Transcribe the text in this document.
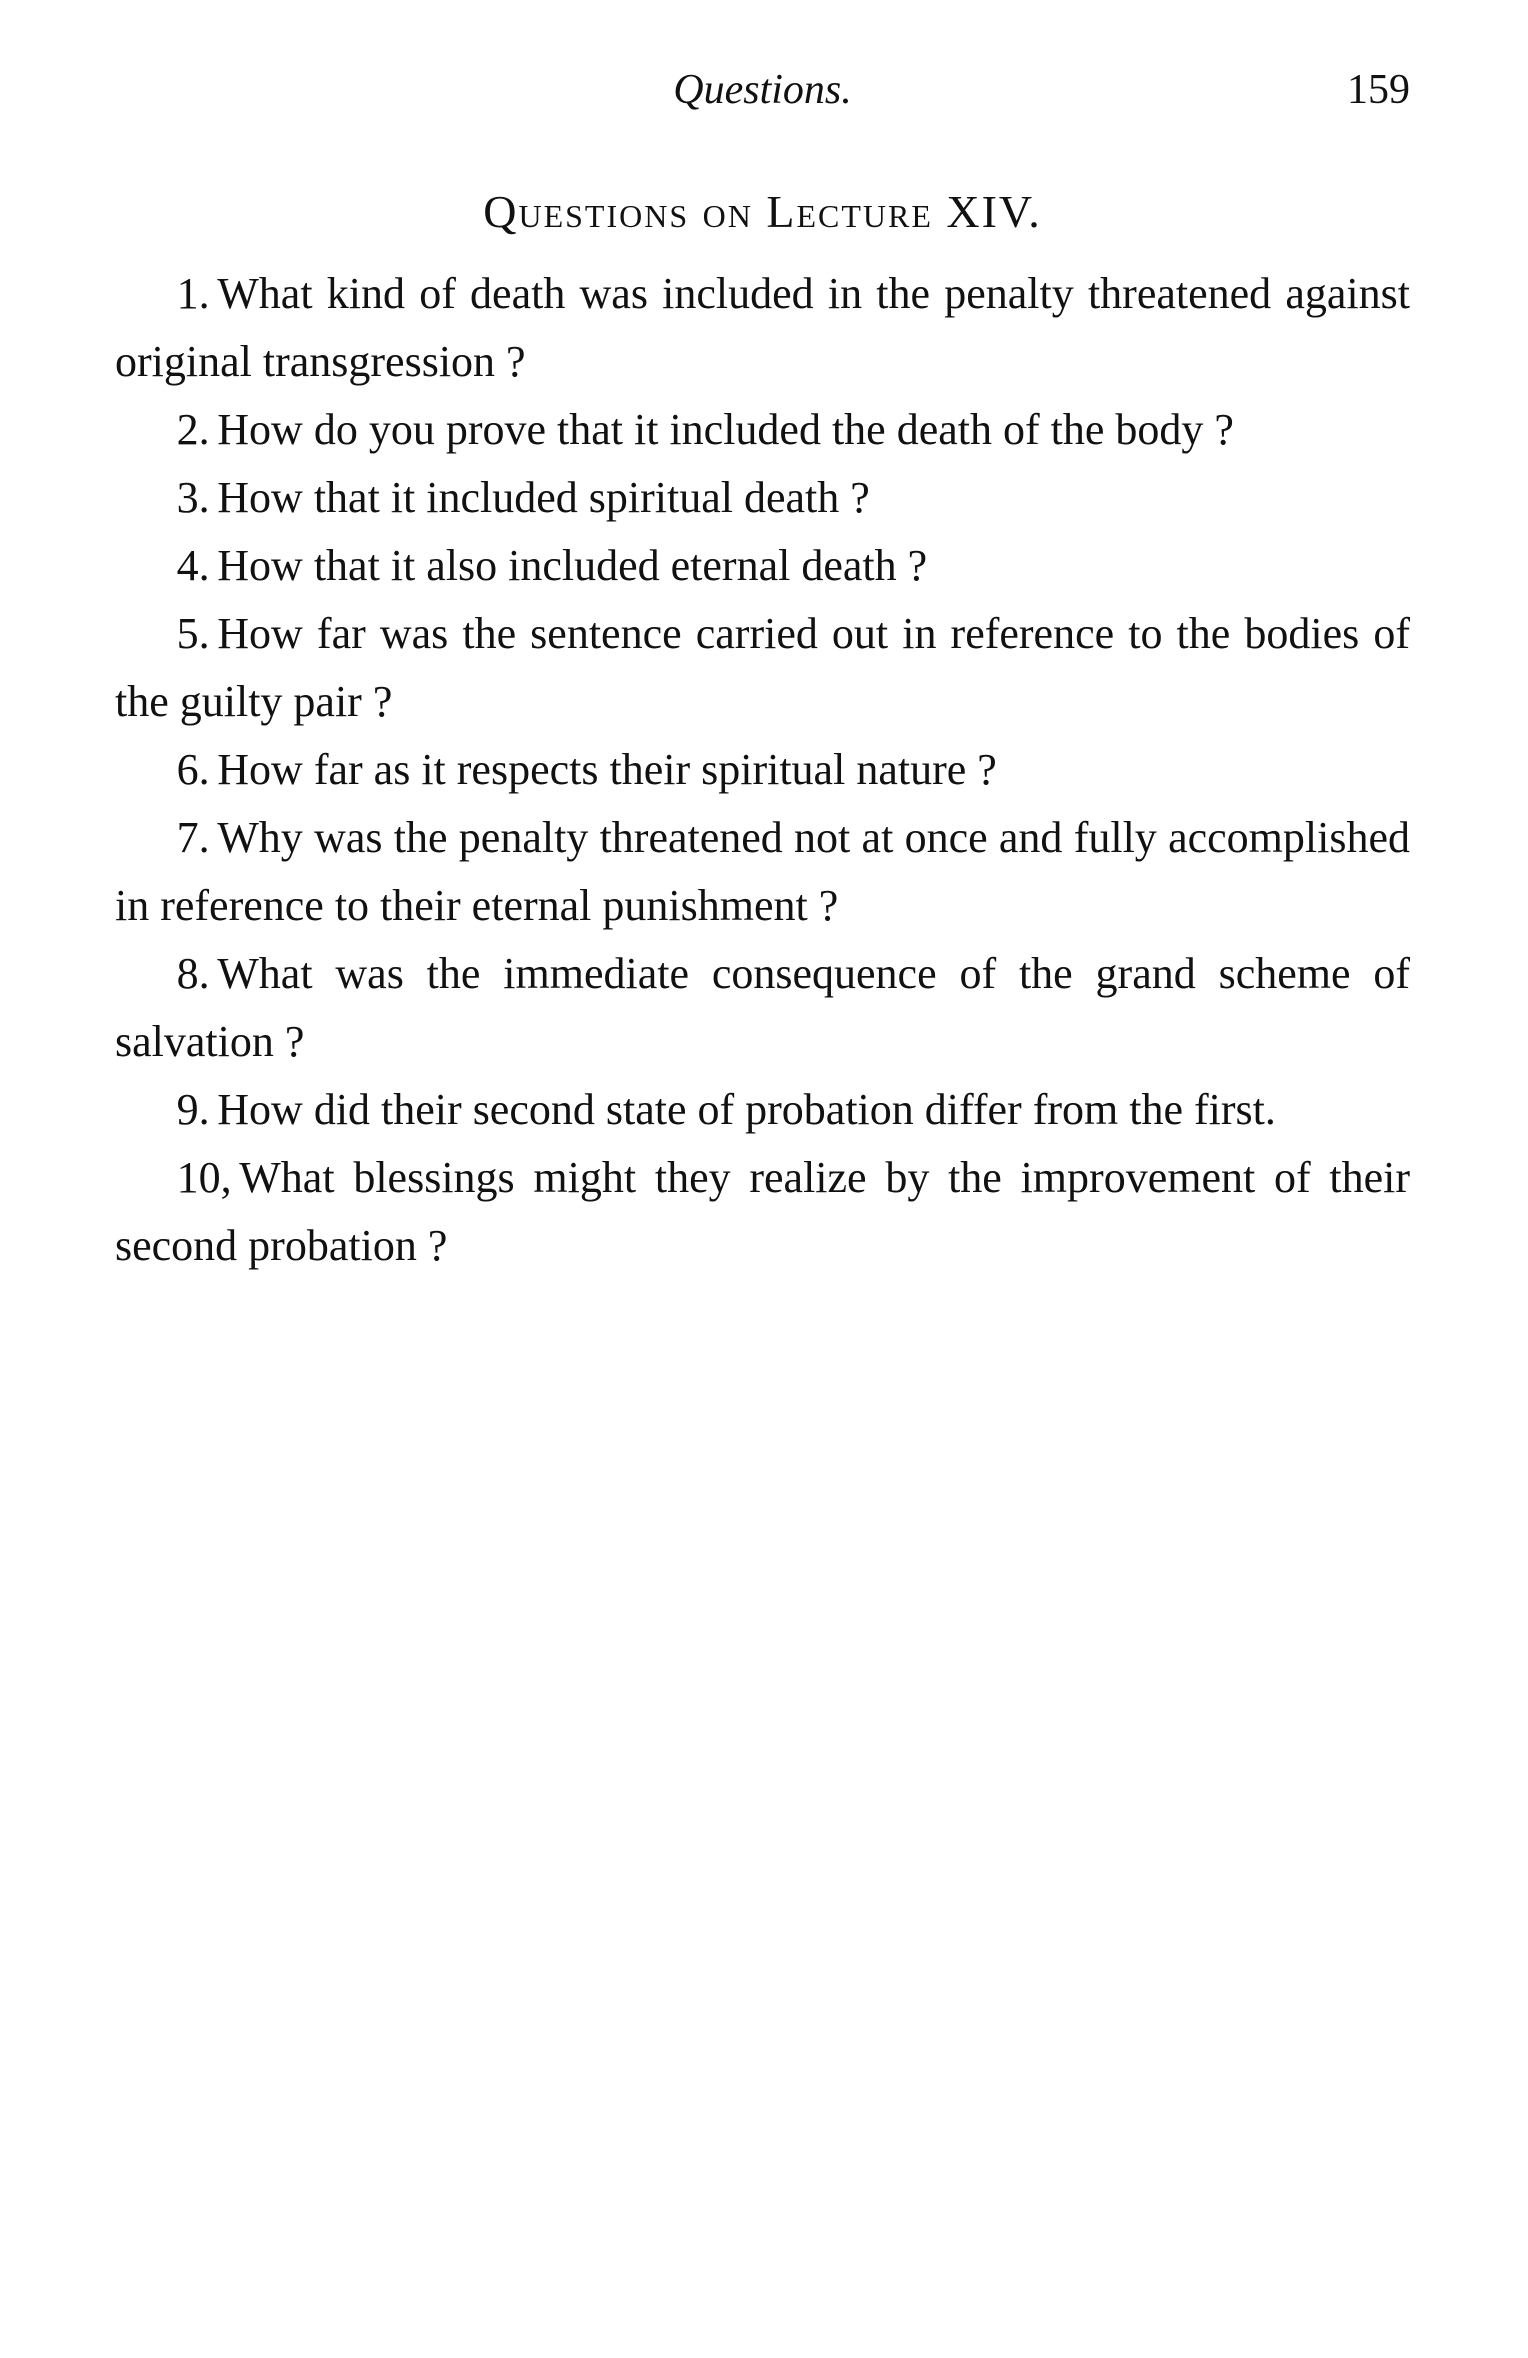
Questions.	159
Questions on Lecture XIV.

1. What kind of death was included in the penalty threatened against original transgression ?

2. How do you prove that it included the death of the body ?

3. How that it included spiritual death ?

4. How that it also included eternal death ?

5. How far was the sentence carried out in reference to the bodies of the guilty pair ?

6. How far as it respects their spiritual nature ?

7. Why was the penalty threatened not at once and fully accomplished in reference to their eternal punishment ?

8. What was the immediate consequence of the grand scheme of salvation ?

9. How did their second state of probation differ from the first.

10, What blessings might they realize by the improvement of their second probation ?
